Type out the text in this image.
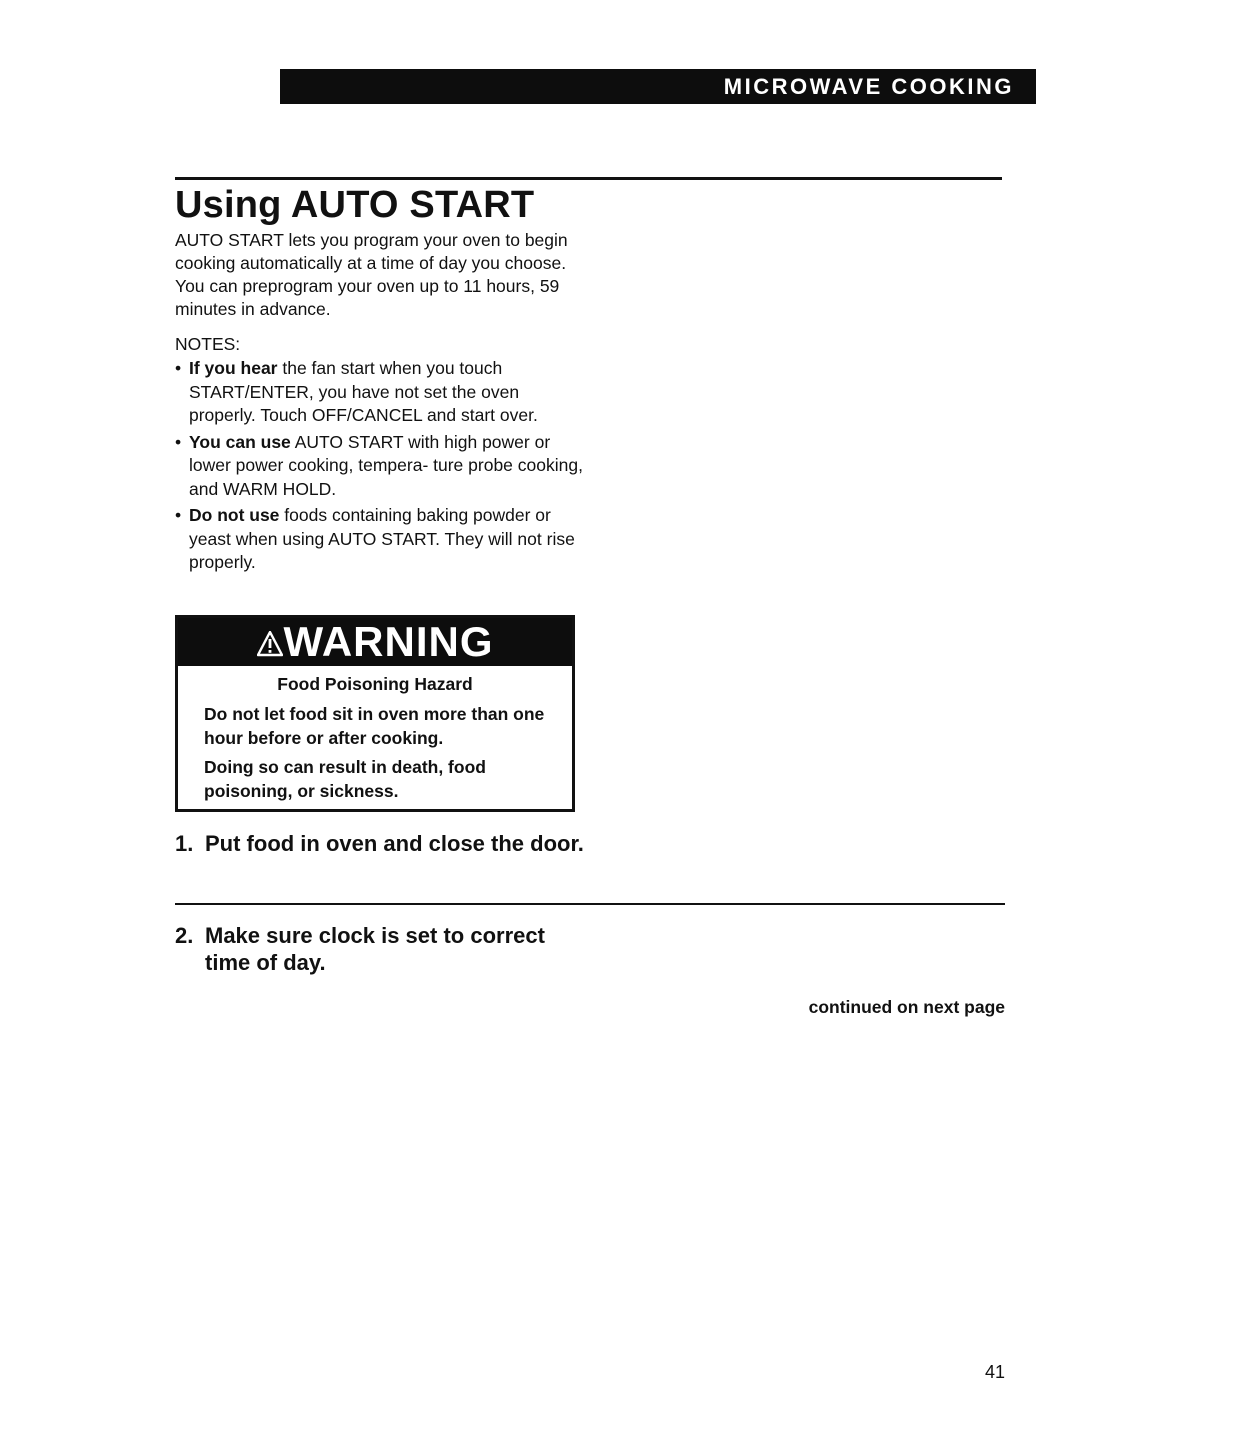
MICROWAVE COOKING
Using AUTO START

AUTO START lets you program your oven to begin cooking automatically at a time of day you choose. You can preprogram your oven up to 11 hours, 59 minutes in advance.

NOTES:

• If you hear the fan start when you touch START/ENTER, you have not set the oven properly. Touch OFF/CANCEL and start over.
• You can use AUTO START with high power or lower power cooking, tempera- ture probe cooking, and WARM HOLD.
• Do not use foods containing baking powder or yeast when using AUTO START. They will not rise properly.
WARNING
Food Poisoning Hazard

Do not let food sit in oven more than one hour before or after cooking.

Doing so can result in death, food poisoning, or sickness.

1. Put food in oven and close the door.
2. Make sure clock is set to correct time of day.
continued on next page
41
